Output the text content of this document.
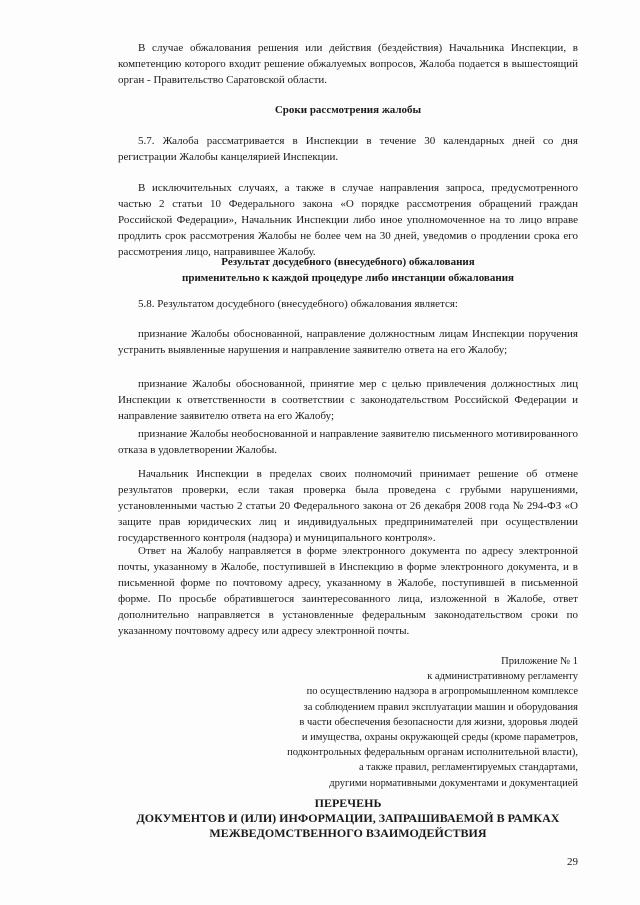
В случае обжалования решения или действия (бездействия) Начальника Инспекции, в компетенцию которого входит решение обжалуемых вопросов, Жалоба подается в вышестоящий орган - Правительство Саратовской области.

Сроки рассмотрения жалобы

5.7. Жалоба рассматривается в Инспекции в течение 30 календарных дней со дня регистрации Жалобы канцелярией Инспекции.

В исключительных случаях, а также в случае направления запроса, предусмотренного частью 2 статьи 10 Федерального закона «О порядке рассмотрения обращений граждан Российской Федерации», Начальник Инспекции либо иное уполномоченное на то лицо вправе продлить срок рассмотрения Жалобы не более чем на 30 дней, уведомив о продлении срока его рассмотрения лицо, направившее Жалобу.

Результат досудебного (внесудебного) обжалования
применительно к каждой процедуре либо инстанции обжалования

5.8. Результатом досудебного (внесудебного) обжалования является:

признание Жалобы обоснованной, направление должностным лицам Инспекции поручения устранить выявленные нарушения и направление заявителю ответа на его Жалобу;

признание Жалобы обоснованной, принятие мер с целью привлечения должностных лиц Инспекции к ответственности в соответствии с законодательством Российской Федерации и направление заявителю ответа на его Жалобу;

признание Жалобы необоснованной и направление заявителю письменного мотивированного отказа в удовлетворении Жалобы.

Начальник Инспекции в пределах своих полномочий принимает решение об отмене результатов проверки, если такая проверка была проведена с грубыми нарушениями, установленными частью 2 статьи 20 Федерального закона от 26 декабря 2008 года № 294-ФЗ «О защите прав юридических лиц и индивидуальных предпринимателей при осуществлении государственного контроля (надзора) и муниципального контроля».

Ответ на Жалобу направляется в форме электронного документа по адресу электронной почты, указанному в Жалобе, поступившей в Инспекцию в форме электронного документа, и в письменной форме по почтовому адресу, указанному в Жалобе, поступившей в письменной форме. По просьбе обратившегося заинтересованного лица, изложенной в Жалобе, ответ дополнительно направляется в установленные федеральным законодательством сроки по указанному почтовому адресу или адресу электронной почты.

Приложение № 1
к административному регламенту
по осуществлению надзора в агропромышленном комплексе
за соблюдением правил эксплуатации машин и оборудования
в части обеспечения безопасности для жизни, здоровья людей
и имущества, охраны окружающей среды (кроме параметров,
подконтрольных федеральным органам исполнительной власти),
а также правил, регламентируемых стандартами,
другими нормативными документами и документацией
ПЕРЕЧЕНЬ
ДОКУМЕНТОВ И (ИЛИ) ИНФОРМАЦИИ, ЗАПРАШИВАЕМОЙ В РАМКАХ
МЕЖВЕДОМСТВЕННОГО ВЗАИМОДЕЙСТВИЯ
29
